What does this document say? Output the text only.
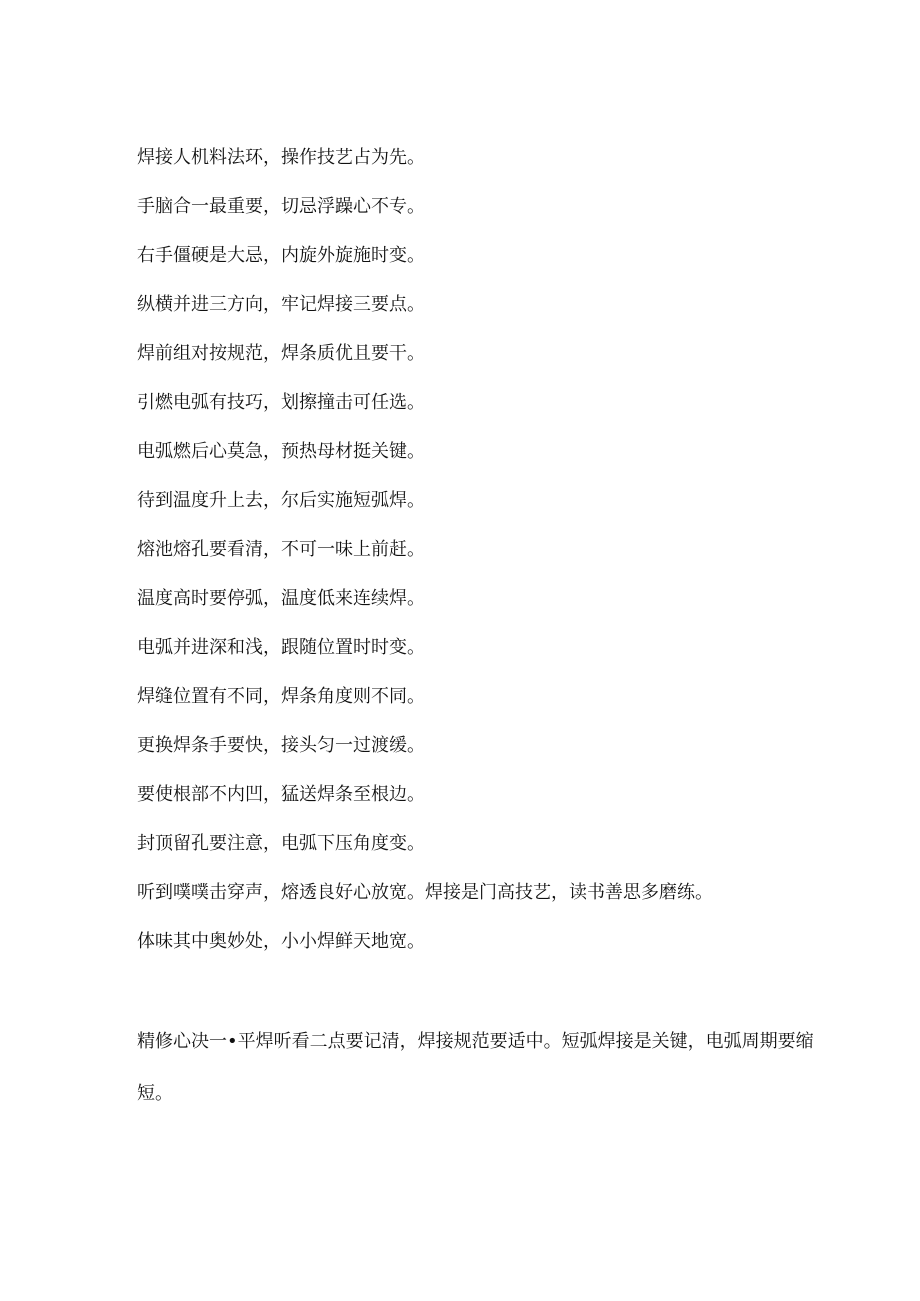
焊接人机料法环，操作技艺占为先。
手脑合一最重要，切忌浮躁心不专。
右手僵硬是大忌，内旋外旋施时变。
纵横并进三方向，牢记焊接三要点。
焊前组对按规范，焊条质优且要干。
引燃电弧有技巧，划擦撞击可任选。
电弧燃后心莫急，预热母材挺关键。
待到温度升上去，尔后实施短弧焊。
熔池熔孔要看清，不可一味上前赶。
温度高时要停弧，温度低来连续焊。
电弧并进深和浅，跟随位置时时变。
焊缝位置有不同，焊条角度则不同。
更换焊条手要快，接头匀一过渡缓。
要使根部不内凹，猛送焊条至根边。
封顶留孔要注意，电弧下压角度变。
听到噗噗击穿声，熔透良好心放宽。焊接是门高技艺，读书善思多磨练。
体味其中奥妙处，小小焊鲜天地宽。
精修心决一•平焊听看二点要记清，焊接规范要适中。短弧焊接是关键，电弧周期要缩短。
